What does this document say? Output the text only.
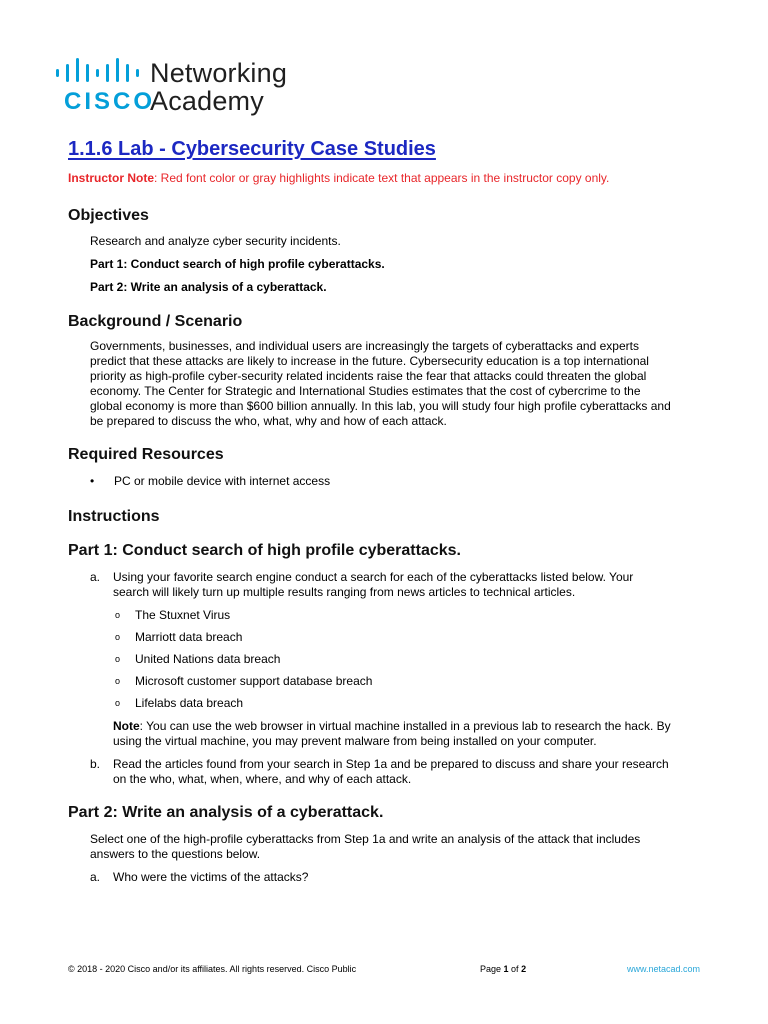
CISCO
Networking
Academy
1.1.6 Lab - Cybersecurity Case Studies
Instructor Note: Red font color or gray highlights indicate text that appears in the instructor copy only.
Objectives

Research and analyze cyber security incidents.

Part 1: Conduct search of high profile cyberattacks.

Part 2: Write an analysis of a cyberattack.

Background / Scenario

Governments, businesses, and individual users are increasingly the targets of cyberattacks and experts

predict that these attacks are likely to increase in the future. Cybersecurity education is a top international

priority as high-profile cyber-security related incidents raise the fear that attacks could threaten the global

economy. The Center for Strategic and International Studies estimates that the cost of cybercrime to the

global economy is more than $600 billion annually. In this lab, you will study four high profile cyberattacks and

be prepared to discuss the who, what, why and how of each attack.

Required Resources
• PC or mobile device with internet access
Instructions
Part 1: Conduct search of high profile cyberattacks.
a. Using your favorite search engine conduct a search for each of the cyberattacks listed below. Your

search will likely turn up multiple results ranging from news articles to technical articles.

o The Stuxnet Virus
o Marriott data breach
o United Nations data breach
o Microsoft customer support database breach
o Lifelabs data breach

Note: You can use the web browser in virtual machine installed in a previous lab to research the hack. By

using the virtual machine, you may prevent malware from being installed on your computer.

b. Read the articles found from your search in Step 1a and be prepared to discuss and share your research

on the who, what, when, where, and why of each attack.

Part 2: Write an analysis of a cyberattack.

Select one of the high-profile cyberattacks from Step 1a and write an analysis of the attack that includes

answers to the questions below.

a. Who were the victims of the attacks?

© 2018 - 2020 Cisco and/or its affiliates. All rights reserved. Cisco Public	Page 1 of 2	www.netacad.com
